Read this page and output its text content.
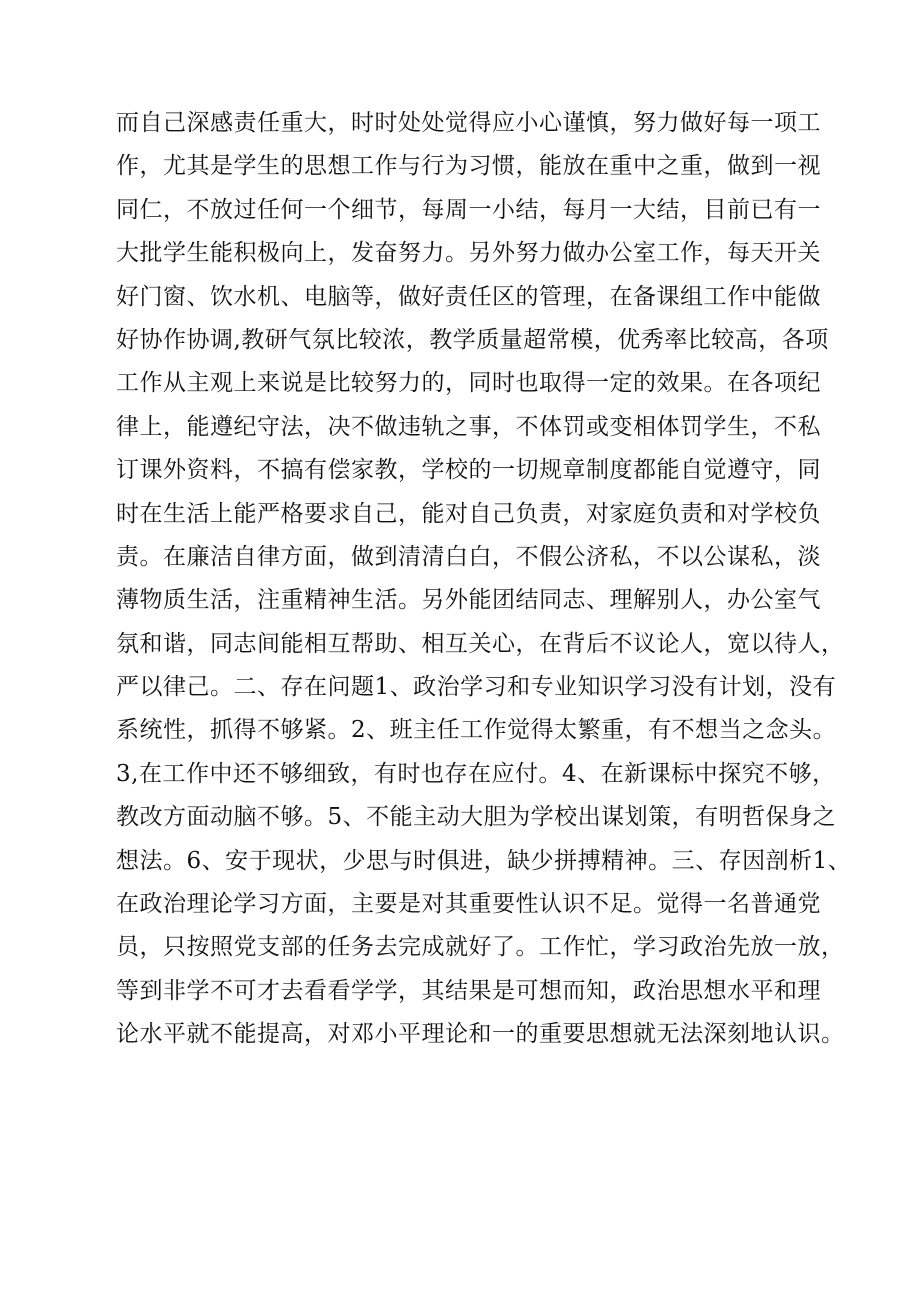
而自己深感责任重大，时时处处觉得应小心谨慎，努力做好每一项工
作，尤其是学生的思想工作与行为习惯，能放在重中之重，做到一视
同仁，不放过任何一个细节，每周一小结，每月一大结，目前已有一
大批学生能积极向上，发奋努力。另外努力做办公室工作，每天开关
好门窗、饮水机、电脑等，做好责任区的管理，在备课组工作中能做
好协作协调,教研气氛比较浓，教学质量超常模，优秀率比较高，各项
工作从主观上来说是比较努力的，同时也取得一定的效果。在各项纪
律上，能遵纪守法，决不做违轨之事，不体罚或变相体罚学生，不私
订课外资料，不搞有偿家教，学校的一切规章制度都能自觉遵守，同
时在生活上能严格要求自己，能对自己负责，对家庭负责和对学校负
责。在廉洁自律方面，做到清清白白，不假公济私，不以公谋私，淡
薄物质生活，注重精神生活。另外能团结同志、理解别人，办公室气
氛和谐，同志间能相互帮助、相互关心，在背后不议论人，宽以待人，
严以律己。二、存在问题1、政治学习和专业知识学习没有计划，没有
系统性，抓得不够紧。2、班主任工作觉得太繁重，有不想当之念头。
3,在工作中还不够细致，有时也存在应付。4、在新课标中探究不够，
教改方面动脑不够。5、不能主动大胆为学校出谋划策，有明哲保身之
想法。6、安于现状，少思与时俱进，缺少拼搏精神。三、存因剖析1、
在政治理论学习方面，主要是对其重要性认识不足。觉得一名普通党
员，只按照党支部的任务去完成就好了。工作忙，学习政治先放一放，
等到非学不可才去看看学学，其结果是可想而知，政治思想水平和理
论水平就不能提高，对邓小平理论和一的重要思想就无法深刻地认识。
